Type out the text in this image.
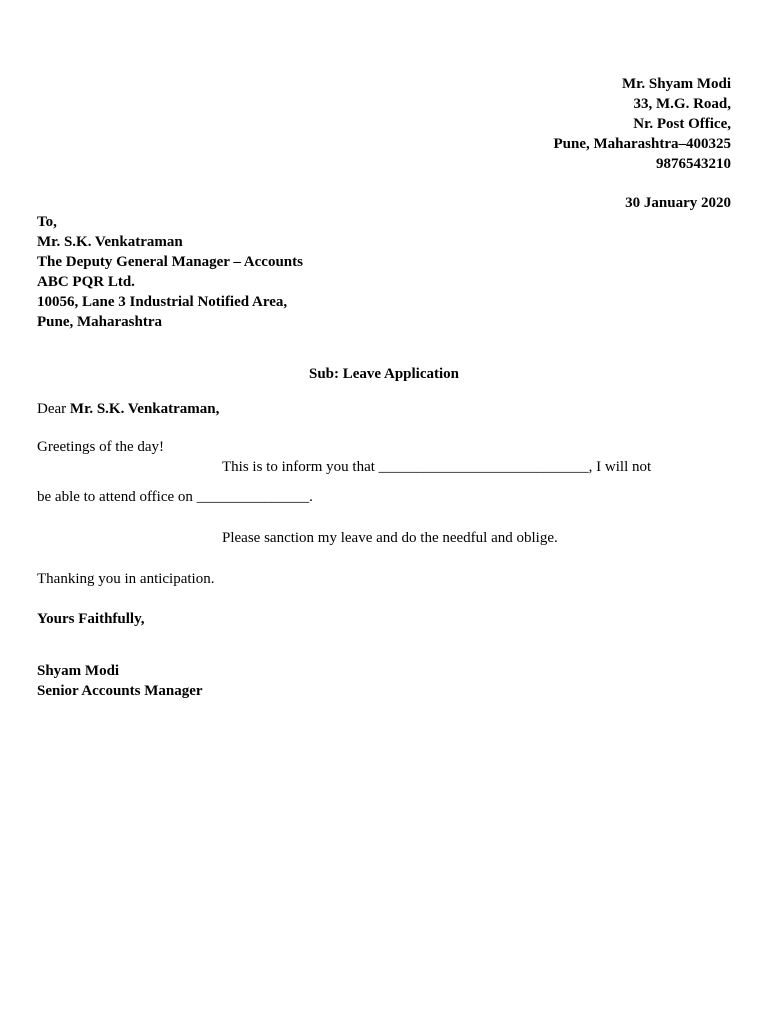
Mr. Shyam Modi
33, M.G. Road,
Nr. Post Office,
Pune, Maharashtra–400325
9876543210
30 January 2020
To,
Mr. S.K. Venkatraman
The Deputy General Manager – Accounts
ABC PQR Ltd.
10056, Lane 3 Industrial Notified Area,
Pune, Maharashtra
Sub: Leave Application
Dear Mr. S.K. Venkatraman,
Greetings of the day!
This is to inform you that ____________________________, I will not
be able to attend office on _______________.
Please sanction my leave and do the needful and oblige.
Thanking you in anticipation.
Yours Faithfully,
Shyam Modi
Senior Accounts Manager
